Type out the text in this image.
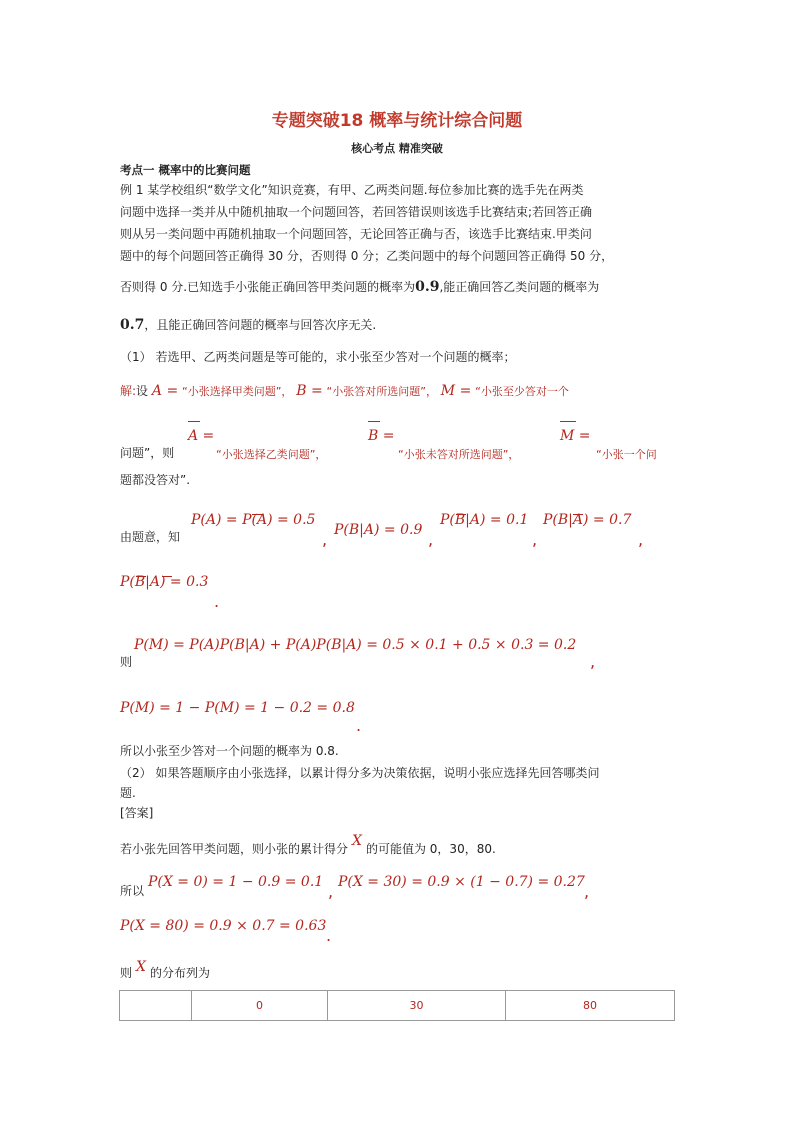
专题突破18 概率与统计综合问题
核心考点 精准突破
考点一 概率中的比赛问题
例 1 某学校组织“数学文化”知识竞赛，有甲、乙两类问题.每位参加比赛的选手先在两类
问题中选择一类并从中随机抽取一个问题回答，若回答错误则该选手比赛结束;若回答正确
则从另一类问题中再随机抽取一个问题回答，无论回答正确与否，该选手比赛结束.甲类问
题中的每个问题回答正确得 30 分，否则得 0 分；乙类问题中的每个问题回答正确得 50 分，
否则得 0 分.已知选手小张能正确回答甲类问题的概率为0.9,能正确回答乙类问题的概率为
0.7，且能正确回答问题的概率与回答次序无关.
（1） 若选甲、乙两类问题是等可能的，求小张至少答对一个问题的概率；
解:设 A = “小张选择甲类问题”， B = “小张答对所选问题”， M = “小张至少答对一个
问题”，则
A =
“小张选择乙类问题”，
B =
“小张未答对所选问题”，
M =
“小张一个问
题都没答对”.
由题意，知
P(A) = P(A) = 0.5
, P(B|A) = 0.9 ,
P(B|A) = 0.1
,
P(B|A) = 0.7
,
P(B|A) = 0.3
.
P(M) = P(A)P(B|A) + P(A)P(B|A) = 0.5 × 0.1 + 0.5 × 0.3 = 0.2
则	,
P(M) = 1 − P(M) = 1 − 0.2 = 0.8
.
所以小张至少答对一个问题的概率为 0.8.
（2） 如果答题顺序由小张选择，以累计得分多为决策依据，说明小张应选择先回答哪类问
题.
[答案]
若小张先回答甲类问题，则小张的累计得分 X 的可能值为 0，30，80.
所以
P(X = 0) = 1 − 0.9 = 0.1 , P(X = 30) = 0.9 × (1 − 0.7) = 0.27 ,
P(X = 80) = 0.9 × 0.7 = 0.63 .
则 X 的分布列为
	0	30	80
